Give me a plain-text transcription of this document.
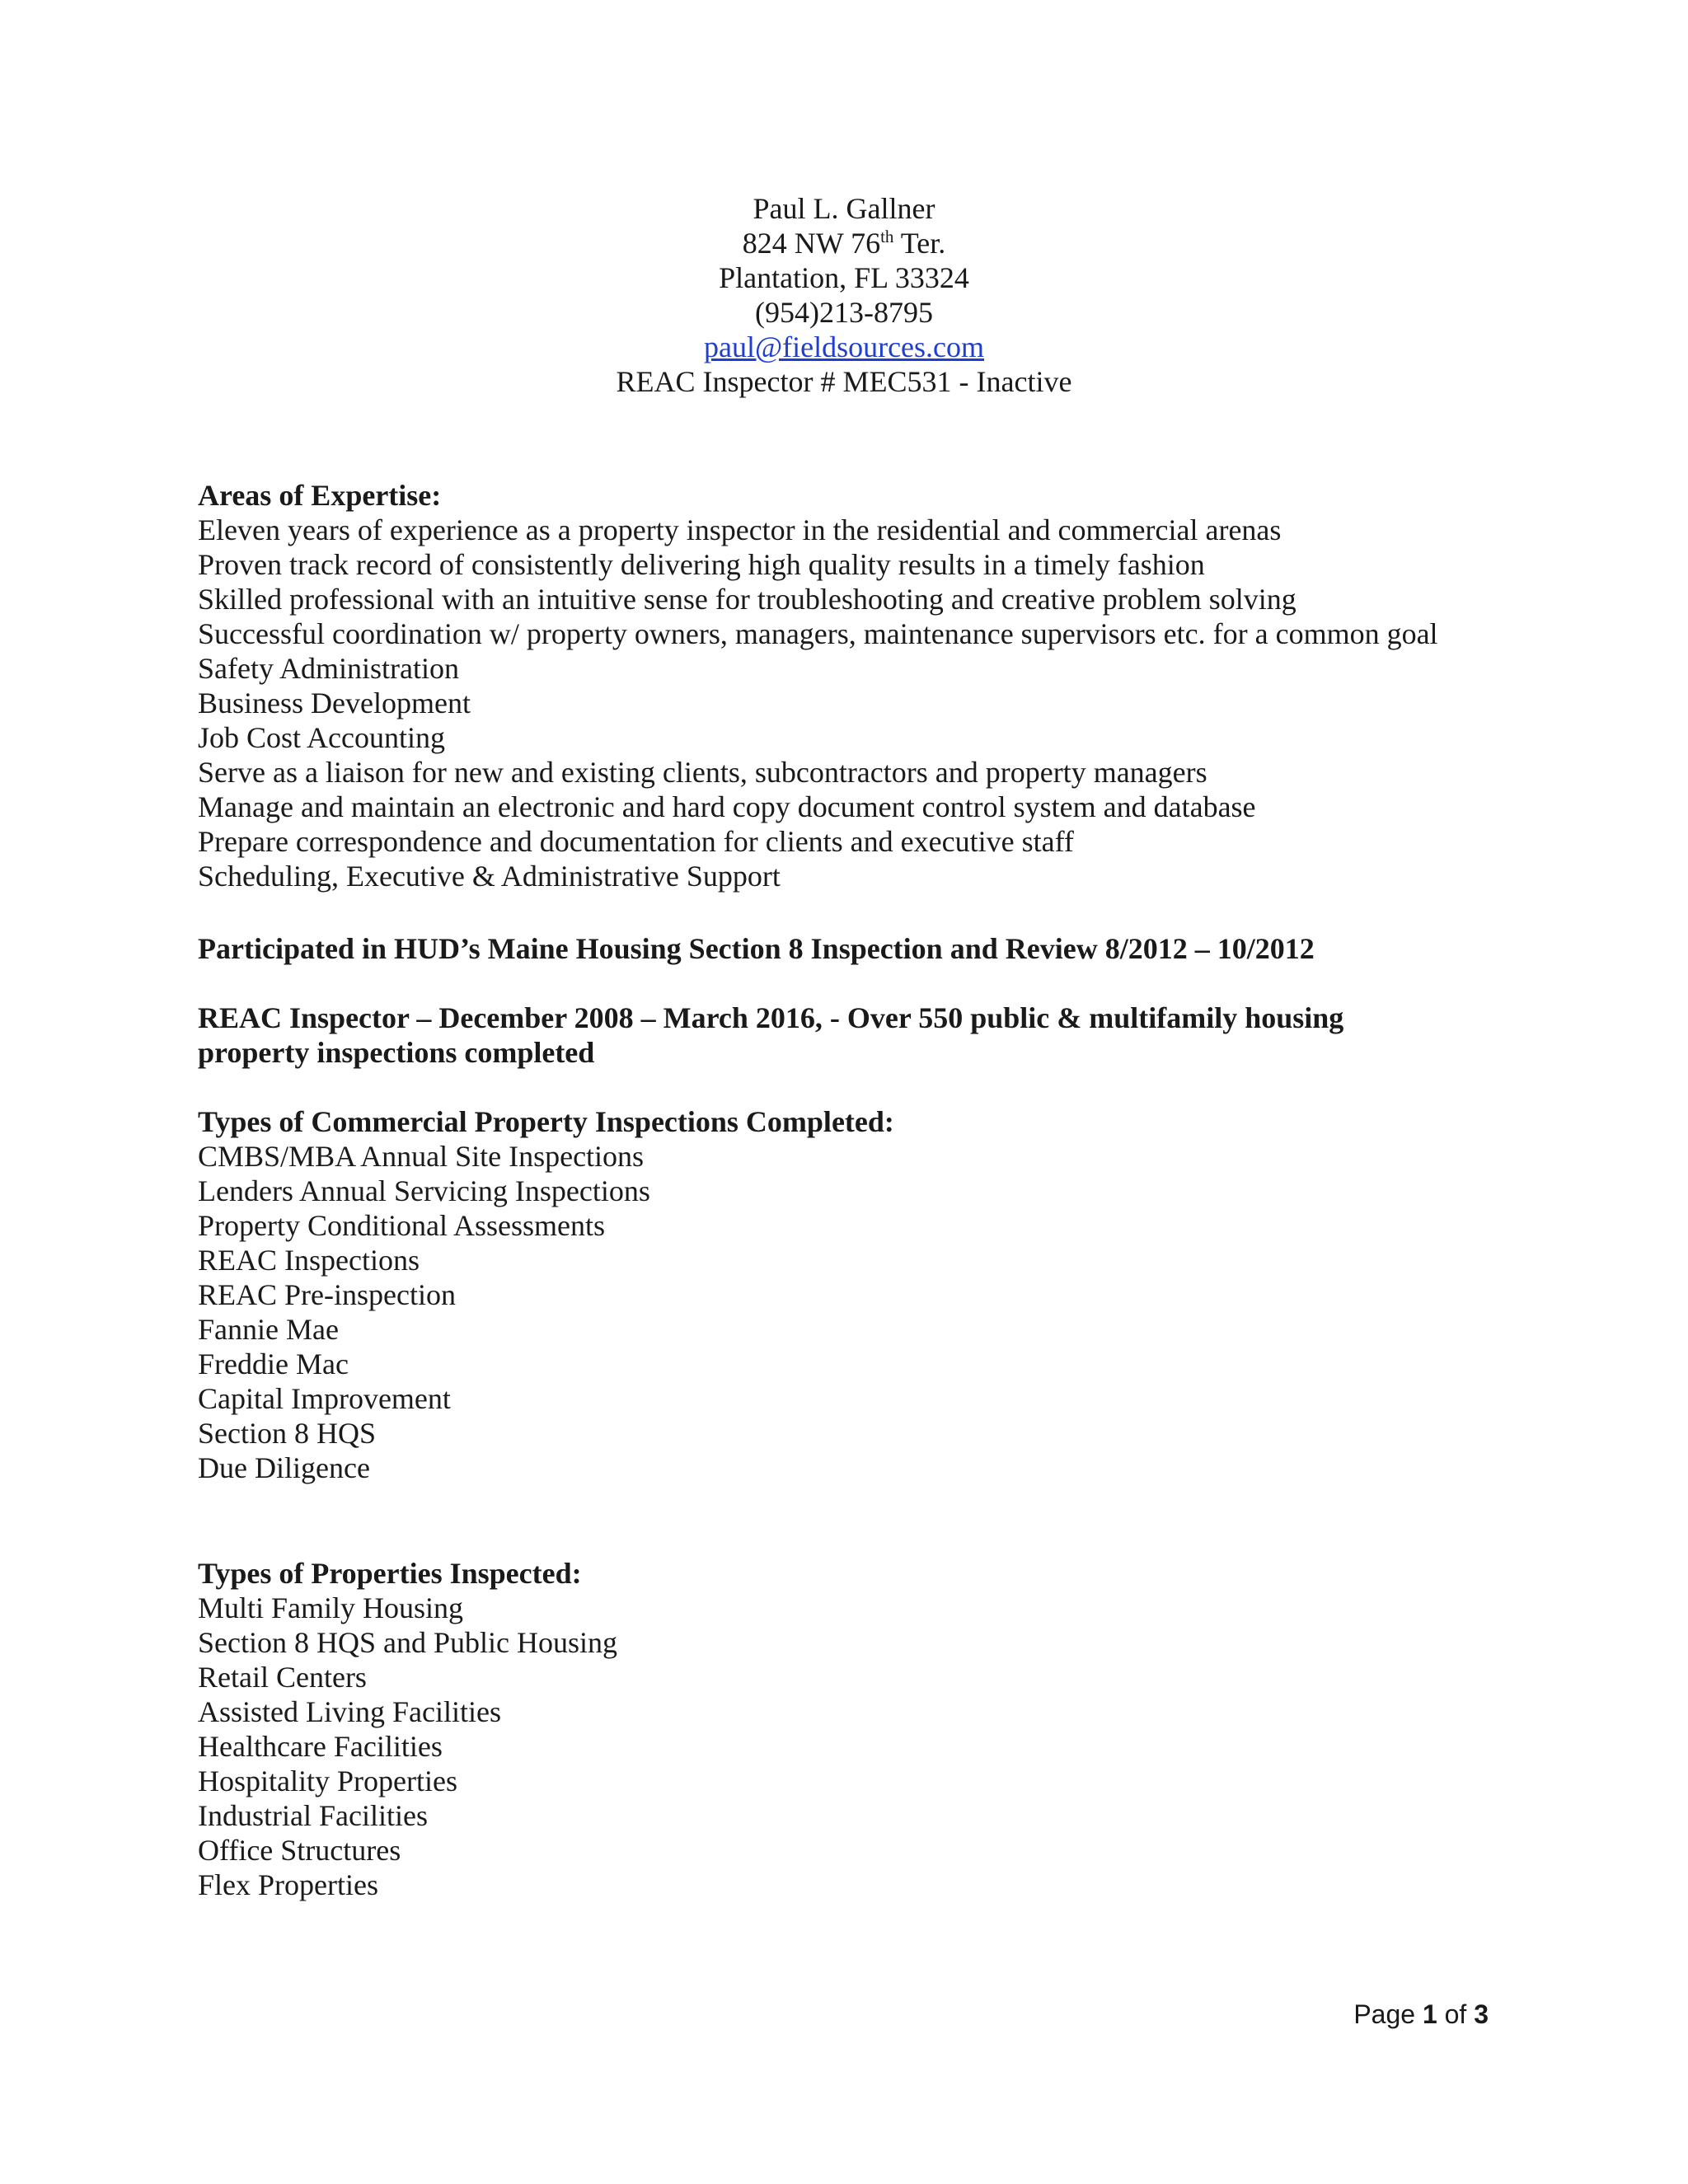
Paul L. Gallner
824 NW 76th Ter.
Plantation, FL 33324
(954)213-8795
paul@fieldsources.com
REAC Inspector # MEC531 - Inactive
Areas of Expertise:
Eleven years of experience as a property inspector in the residential and commercial arenas
Proven track record of consistently delivering high quality results in a timely fashion
Skilled professional with an intuitive sense for troubleshooting and creative problem solving
Successful coordination w/ property owners, managers, maintenance supervisors etc. for a common goal
Safety Administration
Business Development
Job Cost Accounting
Serve as a liaison for new and existing clients, subcontractors and property managers
Manage and maintain an electronic and hard copy document control system and database
Prepare correspondence and documentation for clients and executive staff
Scheduling, Executive & Administrative Support
Participated in HUD’s Maine Housing Section 8 Inspection and Review 8/2012 – 10/2012
REAC Inspector – December 2008 – March 2016, - Over 550 public & multifamily housing
property inspections completed
Types of Commercial Property Inspections Completed:
CMBS/MBA Annual Site Inspections
Lenders Annual Servicing Inspections
Property Conditional Assessments
REAC Inspections
REAC Pre-inspection
Fannie Mae
Freddie Mac
Capital Improvement
Section 8 HQS
Due Diligence
Types of Properties Inspected:
Multi Family Housing
Section 8 HQS and Public Housing
Retail Centers
Assisted Living Facilities
Healthcare Facilities
Hospitality Properties
Industrial Facilities
Office Structures
Flex Properties
Page 1 of 3
